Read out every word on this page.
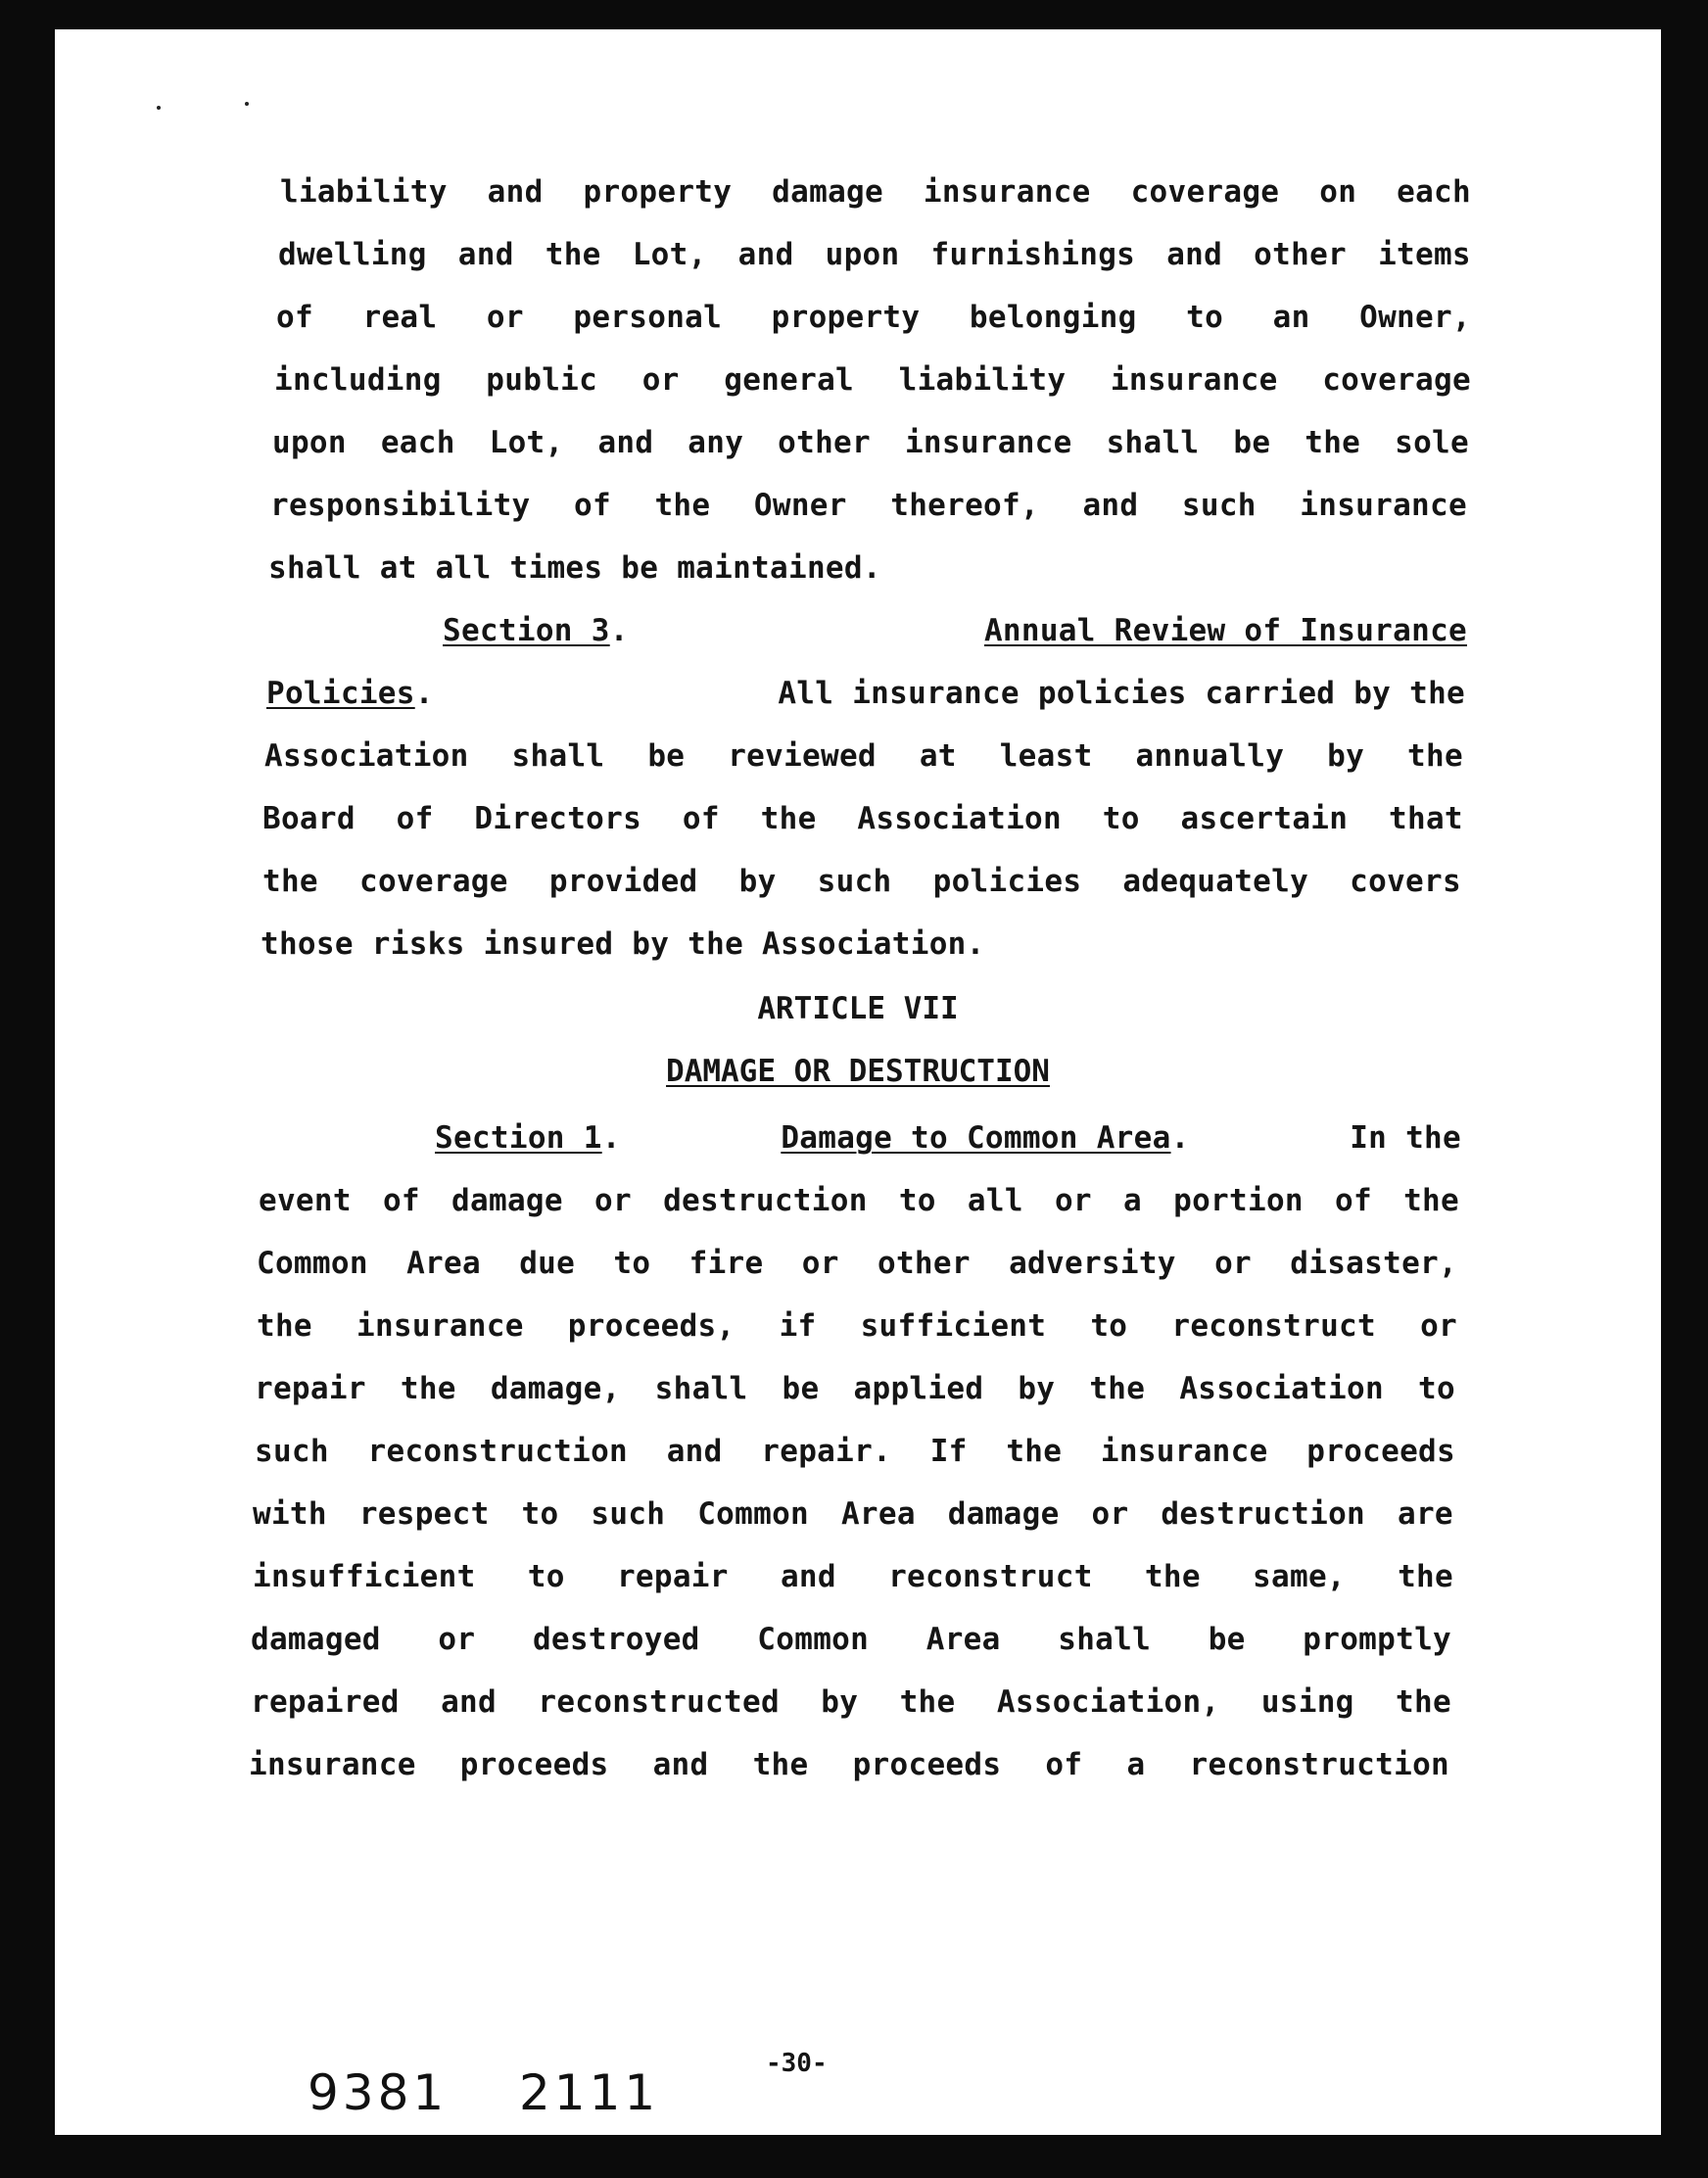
liability and property damage insurance coverage on each
dwelling and the Lot, and upon furnishings and other items
of real or personal property belonging to an Owner,
including public or general liability insurance coverage
upon each Lot, and any other insurance shall be the sole
responsibility of the Owner thereof, and such insurance
shall at all times be maintained.
Section 3.	Annual Review of Insurance
Policies.	All insurance policies carried by the
Association shall be reviewed at least annually by the
Board of Directors of the Association to ascertain that
the coverage provided by such policies adequately covers
those risks insured by the Association.
ARTICLE VII
DAMAGE OR DESTRUCTION
Section 1.	Damage to Common Area.	In the
event of damage or destruction to all or a portion of the
Common Area due to fire or other adversity or disaster,
the insurance proceeds, if sufficient to reconstruct or
repair the damage, shall be applied by the Association to
such reconstruction and repair. If the insurance proceeds
with respect to such Common Area damage or destruction are
insufficient to repair and reconstruct the same, the
damaged or destroyed Common Area shall be promptly
repaired and reconstructed by the Association, using the
insurance proceeds and the proceeds of a reconstruction
-30-
9381 2111
